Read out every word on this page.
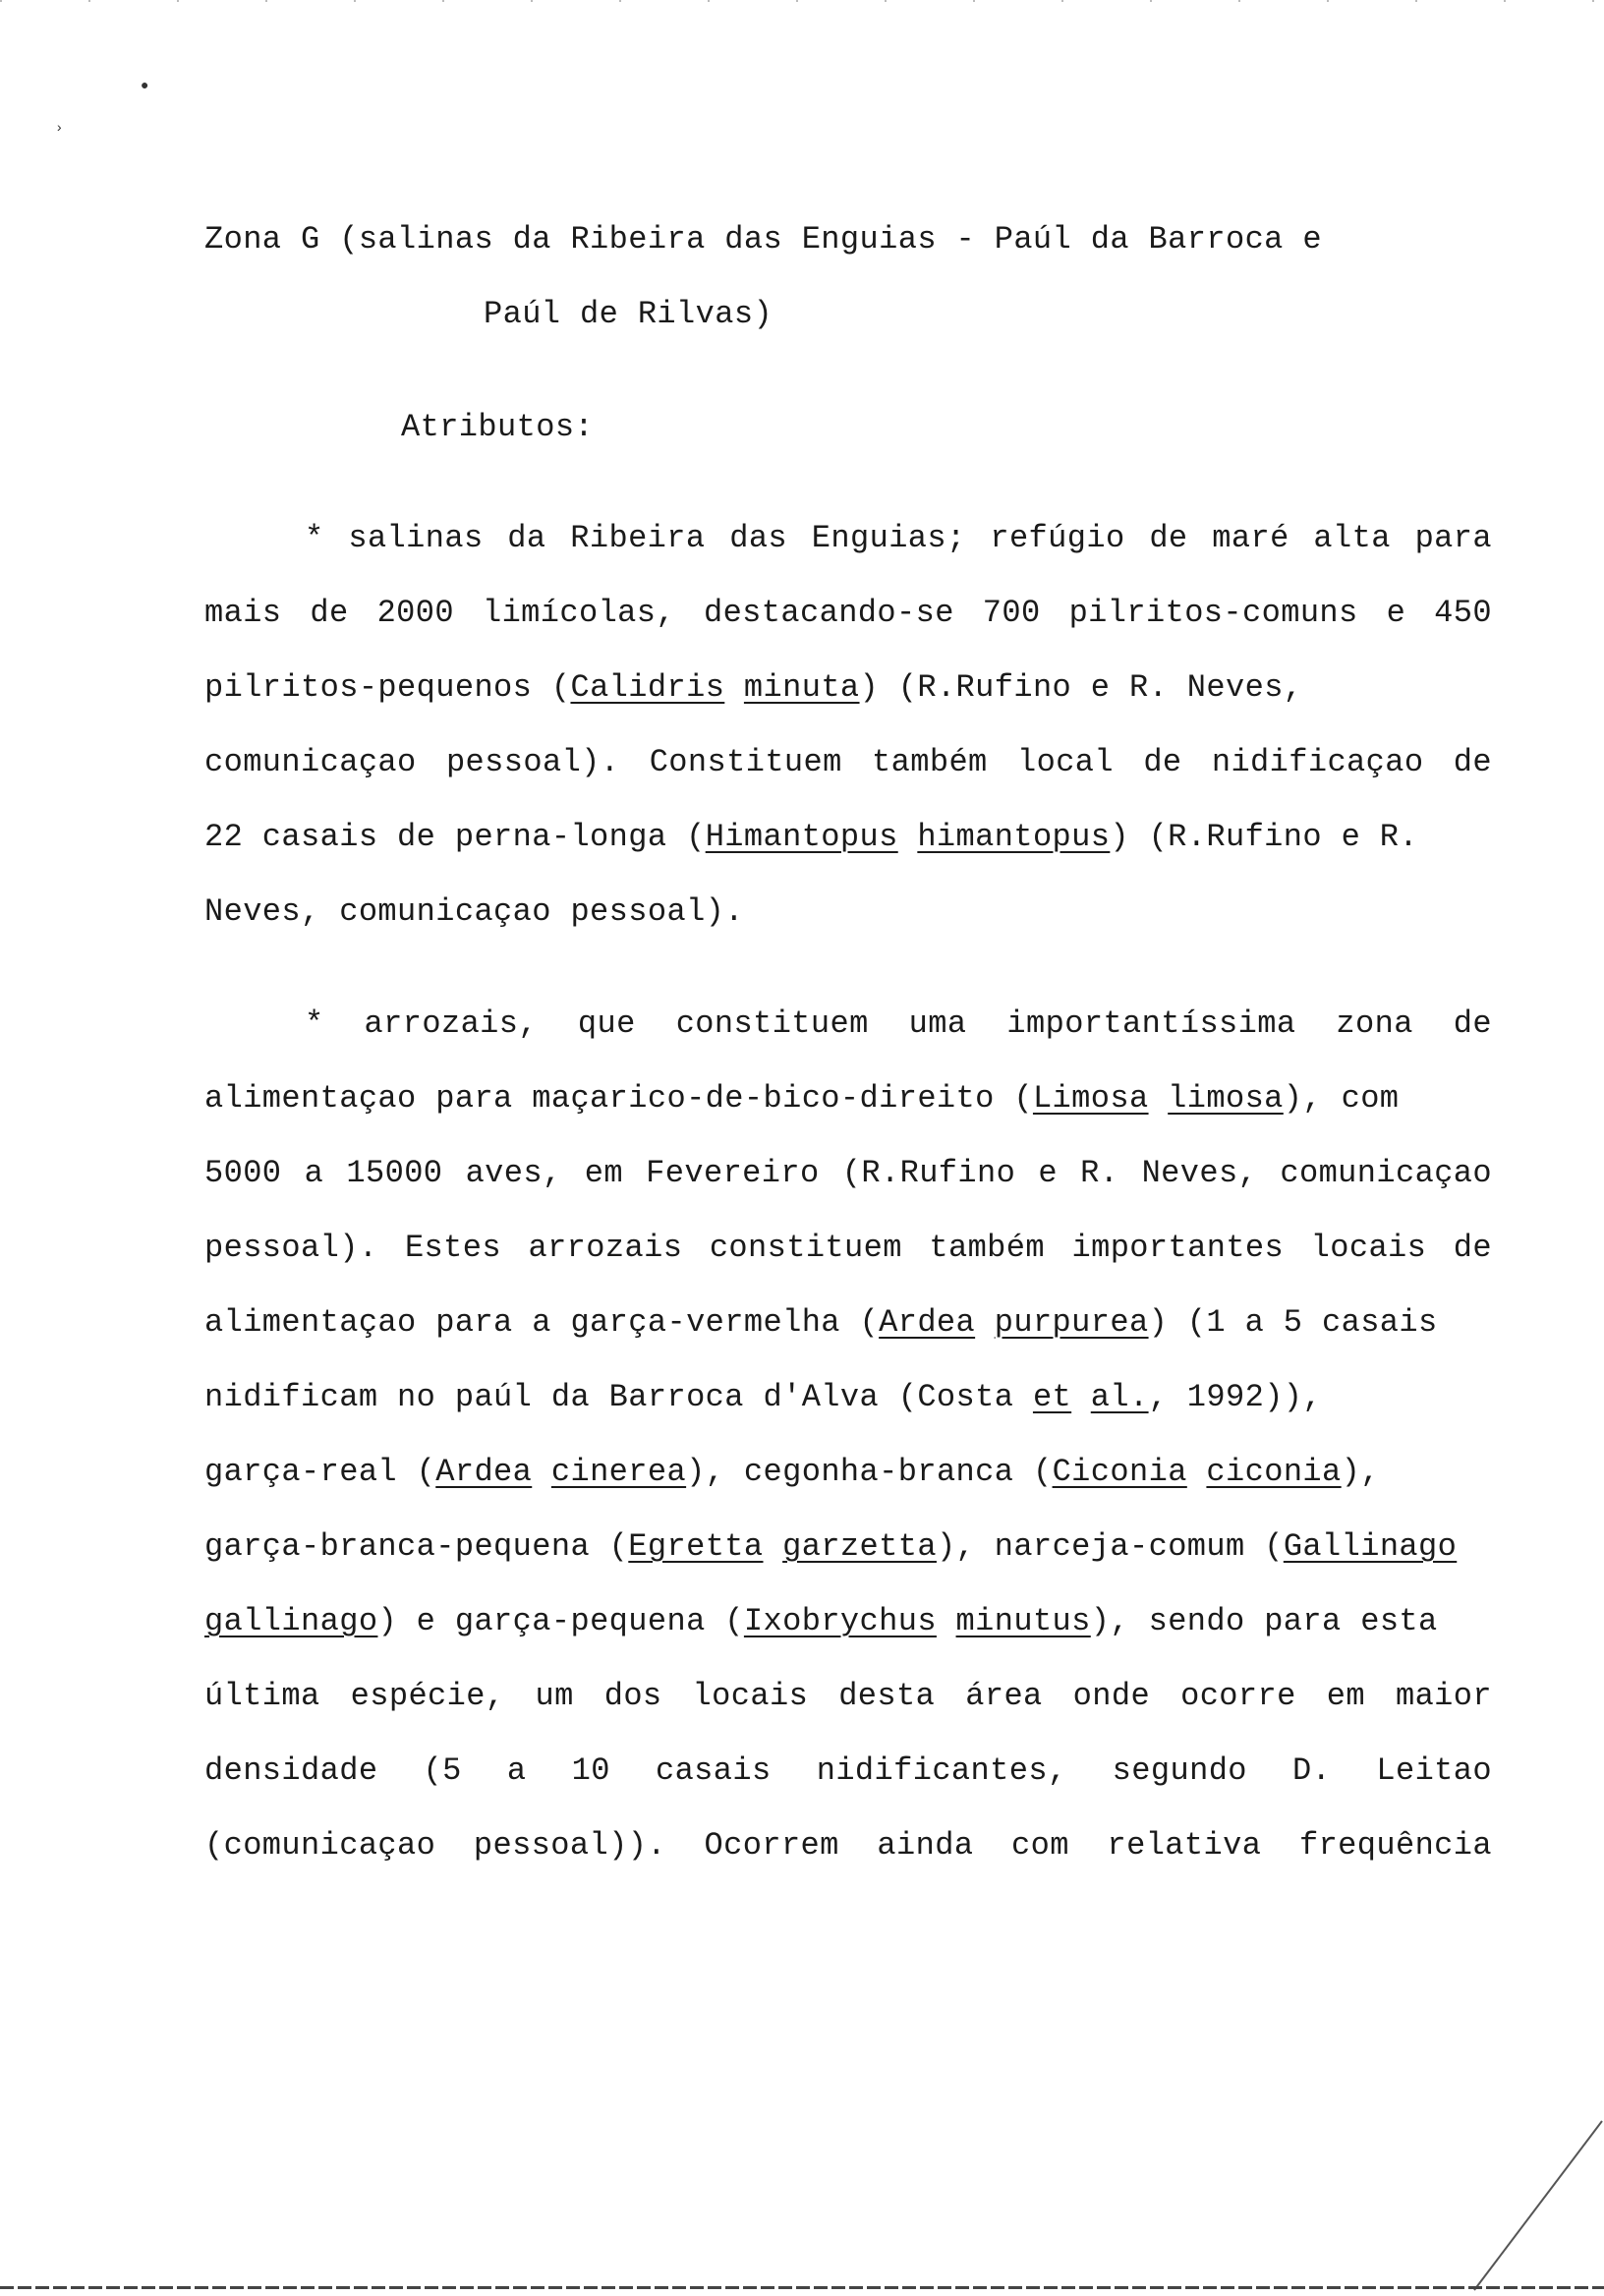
●
›
Zona G (salinas da Ribeira das Enguias - Paúl da Barroca e
Paúl de Rilvas)
Atributos:
* salinas da Ribeira das Enguias; refúgio de maré alta para
mais de 2000 limícolas, destacando-se 700 pilritos-comuns e 450
pilritos-pequenos (Calidris minuta) (R.Rufino e R. Neves,
comunicaçao pessoal). Constituem também local de nidificaçao de
22 casais de perna-longa (Himantopus himantopus) (R.Rufino e R.
Neves, comunicaçao pessoal).
* arrozais, que constituem uma importantíssima zona de
alimentaçao para maçarico-de-bico-direito (Limosa limosa), com
5000 a 15000 aves, em Fevereiro (R.Rufino e R. Neves, comunicaçao
pessoal). Estes arrozais constituem também importantes locais de
alimentaçao para a garça-vermelha (Ardea purpurea) (1 a 5 casais
nidificam no paúl da Barroca d'Alva (Costa et al., 1992)),
garça-real (Ardea cinerea), cegonha-branca (Ciconia ciconia),
garça-branca-pequena (Egretta garzetta), narceja-comum (Gallinago
gallinago) e garça-pequena (Ixobrychus minutus), sendo para esta
última espécie, um dos locais desta área onde ocorre em maior
densidade (5 a 10 casais nidificantes, segundo D. Leitao
(comunicaçao pessoal)). Ocorrem ainda com relativa frequência
